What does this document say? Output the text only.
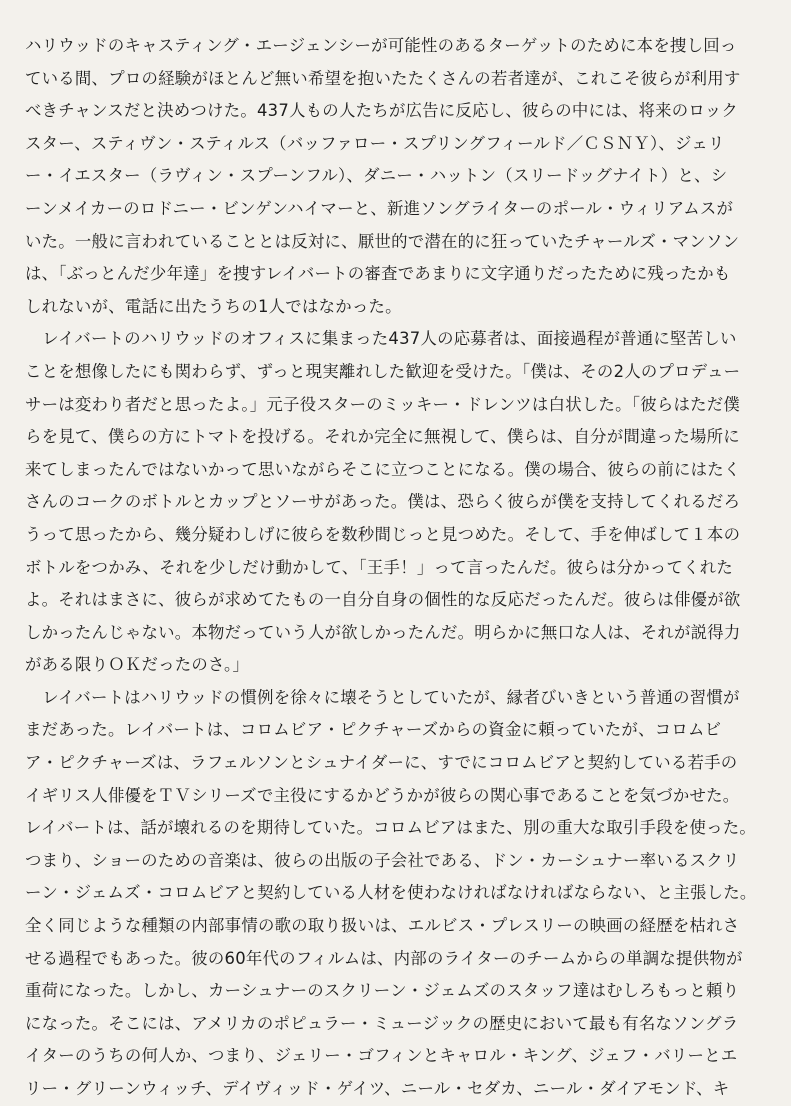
ハリウッドのキャスティング・エージェンシーが可能性のあるターゲットのために本を捜し回っ
ている間、プロの経験がほとんど無い希望を抱いたたくさんの若者達が、これこそ彼らが利用す
べきチャンスだと決めつけた。437人もの人たちが広告に反応し、彼らの中には、将来のロック
スター、スティヴン・スティルス（バッファロー・スプリングフィールド／ＣＳＮＹ）、ジェリ
ー・イエスター（ラヴィン・スプーンフル）、ダニー・ハットン（スリードッグナイト）と、シ
ーンメイカーのロドニー・ビンゲンハイマーと、新進ソングライターのポール・ウィリアムスが
いた。一般に言われていることとは反対に、厭世的で潜在的に狂っていたチャールズ・マンソン
は、「ぶっとんだ少年達」を捜すレイバートの審査であまりに文字通りだったために残ったかも
しれないが、電話に出たうちの1人ではなかった。
レイバートのハリウッドのオフィスに集まった437人の応募者は、面接過程が普通に堅苦しい
ことを想像したにも関わらず、ずっと現実離れした歓迎を受けた。「僕は、その2人のプロデュー
サーは変わり者だと思ったよ。」元子役スターのミッキー・ドレンツは白状した。「彼らはただ僕
らを見て、僕らの方にトマトを投げる。それか完全に無視して、僕らは、自分が間違った場所に
来てしまったんではないかって思いながらそこに立つことになる。僕の場合、彼らの前にはたく
さんのコークのボトルとカップとソーサがあった。僕は、恐らく彼らが僕を支持してくれるだろ
うって思ったから、幾分疑わしげに彼らを数秒間じっと見つめた。そして、手を伸ばして１本の
ボトルをつかみ、それを少しだけ動かして、「王手！」って言ったんだ。彼らは分かってくれた
よ。それはまさに、彼らが求めてたもの一自分自身の個性的な反応だったんだ。彼らは俳優が欲
しかったんじゃない。本物だっていう人が欲しかったんだ。明らかに無口な人は、それが説得力
がある限りＯＫだったのさ。」
レイバートはハリウッドの慣例を徐々に壊そうとしていたが、縁者びいきという普通の習慣が
まだあった。レイバートは、コロムビア・ピクチャーズからの資金に頼っていたが、コロムビ
ア・ピクチャーズは、ラフェルソンとシュナイダーに、すでにコロムビアと契約している若手の
イギリス人俳優をＴＶシリーズで主役にするかどうかが彼らの関心事であることを気づかせた。
レイバートは、話が壊れるのを期待していた。コロムビアはまた、別の重大な取引手段を使った。
つまり、ショーのための音楽は、彼らの出版の子会社である、ドン・カーシュナー率いるスクリ
ーン・ジェムズ・コロムビアと契約している人材を使わなければなければならない、と主張した。
全く同じような種類の内部事情の歌の取り扱いは、エルビス・プレスリーの映画の経歴を枯れさ
せる過程でもあった。彼の60年代のフィルムは、内部のライターのチームからの単調な提供物が
重荷になった。しかし、カーシュナーのスクリーン・ジェムズのスタッフ達はむしろもっと頼り
になった。そこには、アメリカのポピュラー・ミュージックの歴史において最も有名なソングラ
イターのうちの何人か、つまり、ジェリー・ゴフィンとキャロル・キング、ジェフ・バリーとエ
リー・グリーンウィッチ、デイヴィッド・ゲイツ、ニール・セダカ、ニール・ダイアモンド、キ
